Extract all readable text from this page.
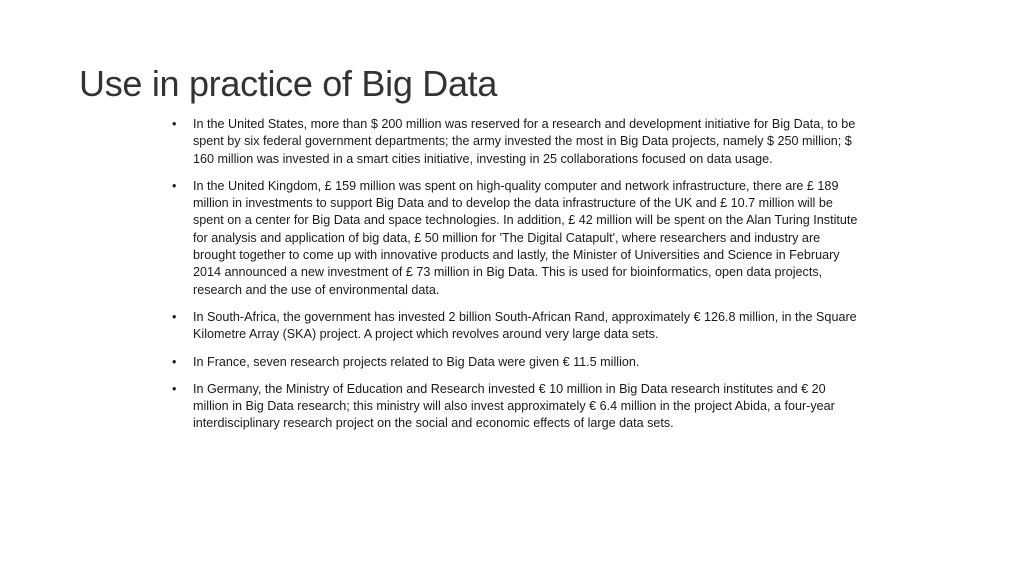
Use in practice of Big Data
•	In the United States, more than $ 200 million was reserved for a research and development initiative for Big Data, to be spent by six federal government departments; the army invested the most in Big Data projects, namely $ 250 million; $ 160 million was invested in a smart cities initiative, investing in 25 collaborations focused on data usage.
•	In the United Kingdom, £ 159 million was spent on high-quality computer and network infrastructure, there are £ 189 million in investments to support Big Data and to develop the data infrastructure of the UK and £ 10.7 million will be spent on a center for Big Data and space technologies. In addition, £ 42 million will be spent on the Alan Turing Institute for analysis and application of big data, £ 50 million for 'The Digital Catapult', where researchers and industry are brought together to come up with innovative products and lastly, the Minister of Universities and Science in February 2014 announced a new investment of £ 73 million in Big Data. This is used for bioinformatics, open data projects, research and the use of environmental data.
•	In South-Africa, the government has invested 2 billion South-African Rand, approximately € 126.8 million, in the Square Kilometre Array (SKA) project. A project which revolves around very large data sets.
•	In France, seven research projects related to Big Data were given € 11.5 million.
•	In Germany, the Ministry of Education and Research invested € 10 million in Big Data research institutes and € 20 million in Big Data research; this ministry will also invest approximately € 6.4 million in the project Abida, a four-year interdisciplinary research project on the social and economic effects of large data sets.
